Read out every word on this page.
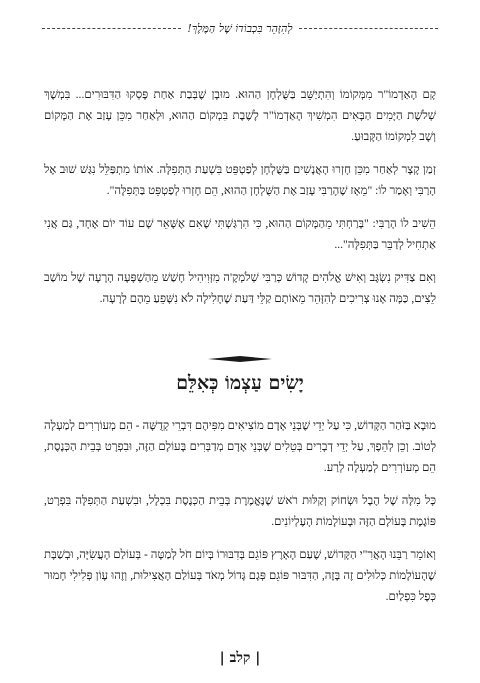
לְהִזָּהֵר בִּכְבוֹדוֹ שֶׁל הַמֶּלֶךְ!

קָם הָאַדְמוֹ"ר מִמְּקוֹמוֹ וְהִתְיַשֵּׁב בַּשֻּׁלְחָן הַהוּא. מוּבָן שֶׁבְּבַת אַחַת פָּסְקוּ הַדִּבּוּרִים... בִּמְשֶׁךְ שְׁלֹשֶׁת הַיָּמִים הַבָּאִים הִמְשִׁיךְ הָאַדְמוֹ"ר לָשֶׁבֶת בִּמְקוֹם הַהוּא, וּלְאַחַר מִכֵּן עָזַב אֶת הַמָּקוֹם וְשָׁב לִמְקוֹמוֹ הַקָּבוּעַ.

זְמַן קָצָר לְאַחַר מִכֵּן חָזְרוּ הָאֲנָשִׁים בַּשֻּׁלְחָן לְפַטְפֵּט בִּשְׁעַת הַתְּפִלָּה. אוֹתוֹ מִתְפַּלֵּל נִגַּשׁ שׁוּב אֶל הָרַבִּי וְאָמַר לוֹ: "מֵאָז שֶׁהָרַבִּי עָזַב אֶת הַשֻּׁלְחָן הַהוּא, הֵם חָזְרוּ לְפַטְפֵּט בַּתְּפִלָּה".

הֵשִׁיב לוֹ הָרַבִּי: "בָּרַחְתִּי מֵהַמָּקוֹם הַהוּא, כִּי הִרְגַּשְׁתִּי שֶׁאִם אֶשָּׁאֵר שָׁם עוֹד יוֹם אֶחָד, גַּם אֲנִי אַתְחִיל לְדַבֵּר בַּתְּפִלָּה"...

וְאִם צַדִּיק נִשְׂגָּב וְאִישׁ אֱלֹהִים קָדוֹשׁ כְּרַבִּי שְׁלֹמְקֶ'ה מִזְּוִיהִיל חָשַׁשׁ מֵהַשְׁפָּעָה הָרָעָה שֶׁל מוֹשַׁב לֵצִים, כַּמָּה אָנוּ צְרִיכִים לְהִזָּהֵר מֵאוֹתָם קַלֵּי דַּעַת שֶׁחָלִילָה לֹא נִשָּׁפֵעַ מֵהֶם לְרָעָה.

יָשִׂים עַצְמוֹ כְּאִלֵּם

מוּבָא בַּזֹּהַר הַקָּדוֹשׁ, כִּי עַל יְדֵי שֶׁבְּנֵי אָדָם מוֹצִיאִים מִפִּיהֶם דִּבְרֵי קְדֻשָּׁה - הֵם מְעוֹרְרִים לְמַעְלָה לְטוֹב. וְכֵן לְהֵפֶךְ, עַל יְדֵי דְבָרִים בְּטֵלִים שֶׁבְּנֵי אָדָם מְדַבְּרִים בָּעוֹלָם הַזֶּה, וּבִפְרָט בְּבֵית הַכְּנֶסֶת, הֵם מְעוֹרְרִים לְמַעְלָה לְרַע.

כָּל מִלָּה שֶׁל הֶבֶל וּשְׂחוֹק וְקַלּוּת רֹאשׁ שֶׁנֶּאֱמֶרֶת בְּבֵית הַכְּנֶסֶת בִּכְלָל, וּבִשְׁעַת הַתְּפִלָּה בִּפְרָט, פּוֹגֶמֶת בָּעוֹלָם הַזֶּה וּבָעוֹלָמוֹת הָעֶלְיוֹנִים.

וְאוֹמֵר רַבֵּנוּ הָאֲרִ"י הַקָּדוֹשׁ, שֶׁעַם הָאָרֶץ פּוֹגֵם בְּדִבּוּרוֹ בְּיוֹם חֹל לְמַטָּה - בְּעוֹלַם הָעֲשִׂיָּה, וּבְשַׁבָּת שֶׁהָעוֹלָמוֹת כְּלוּלִים זֶה בָּזֶה, הַדִּבּוּר פּוֹגֵם פְּגָם גָּדוֹל מְאֹד בְּעוֹלַם הָאֲצִילוּת, וְזֶהוּ עָוֹן פְּלִילִי חָמוּר כְּפֶל כִּפְלַיִם.

| קלב |
